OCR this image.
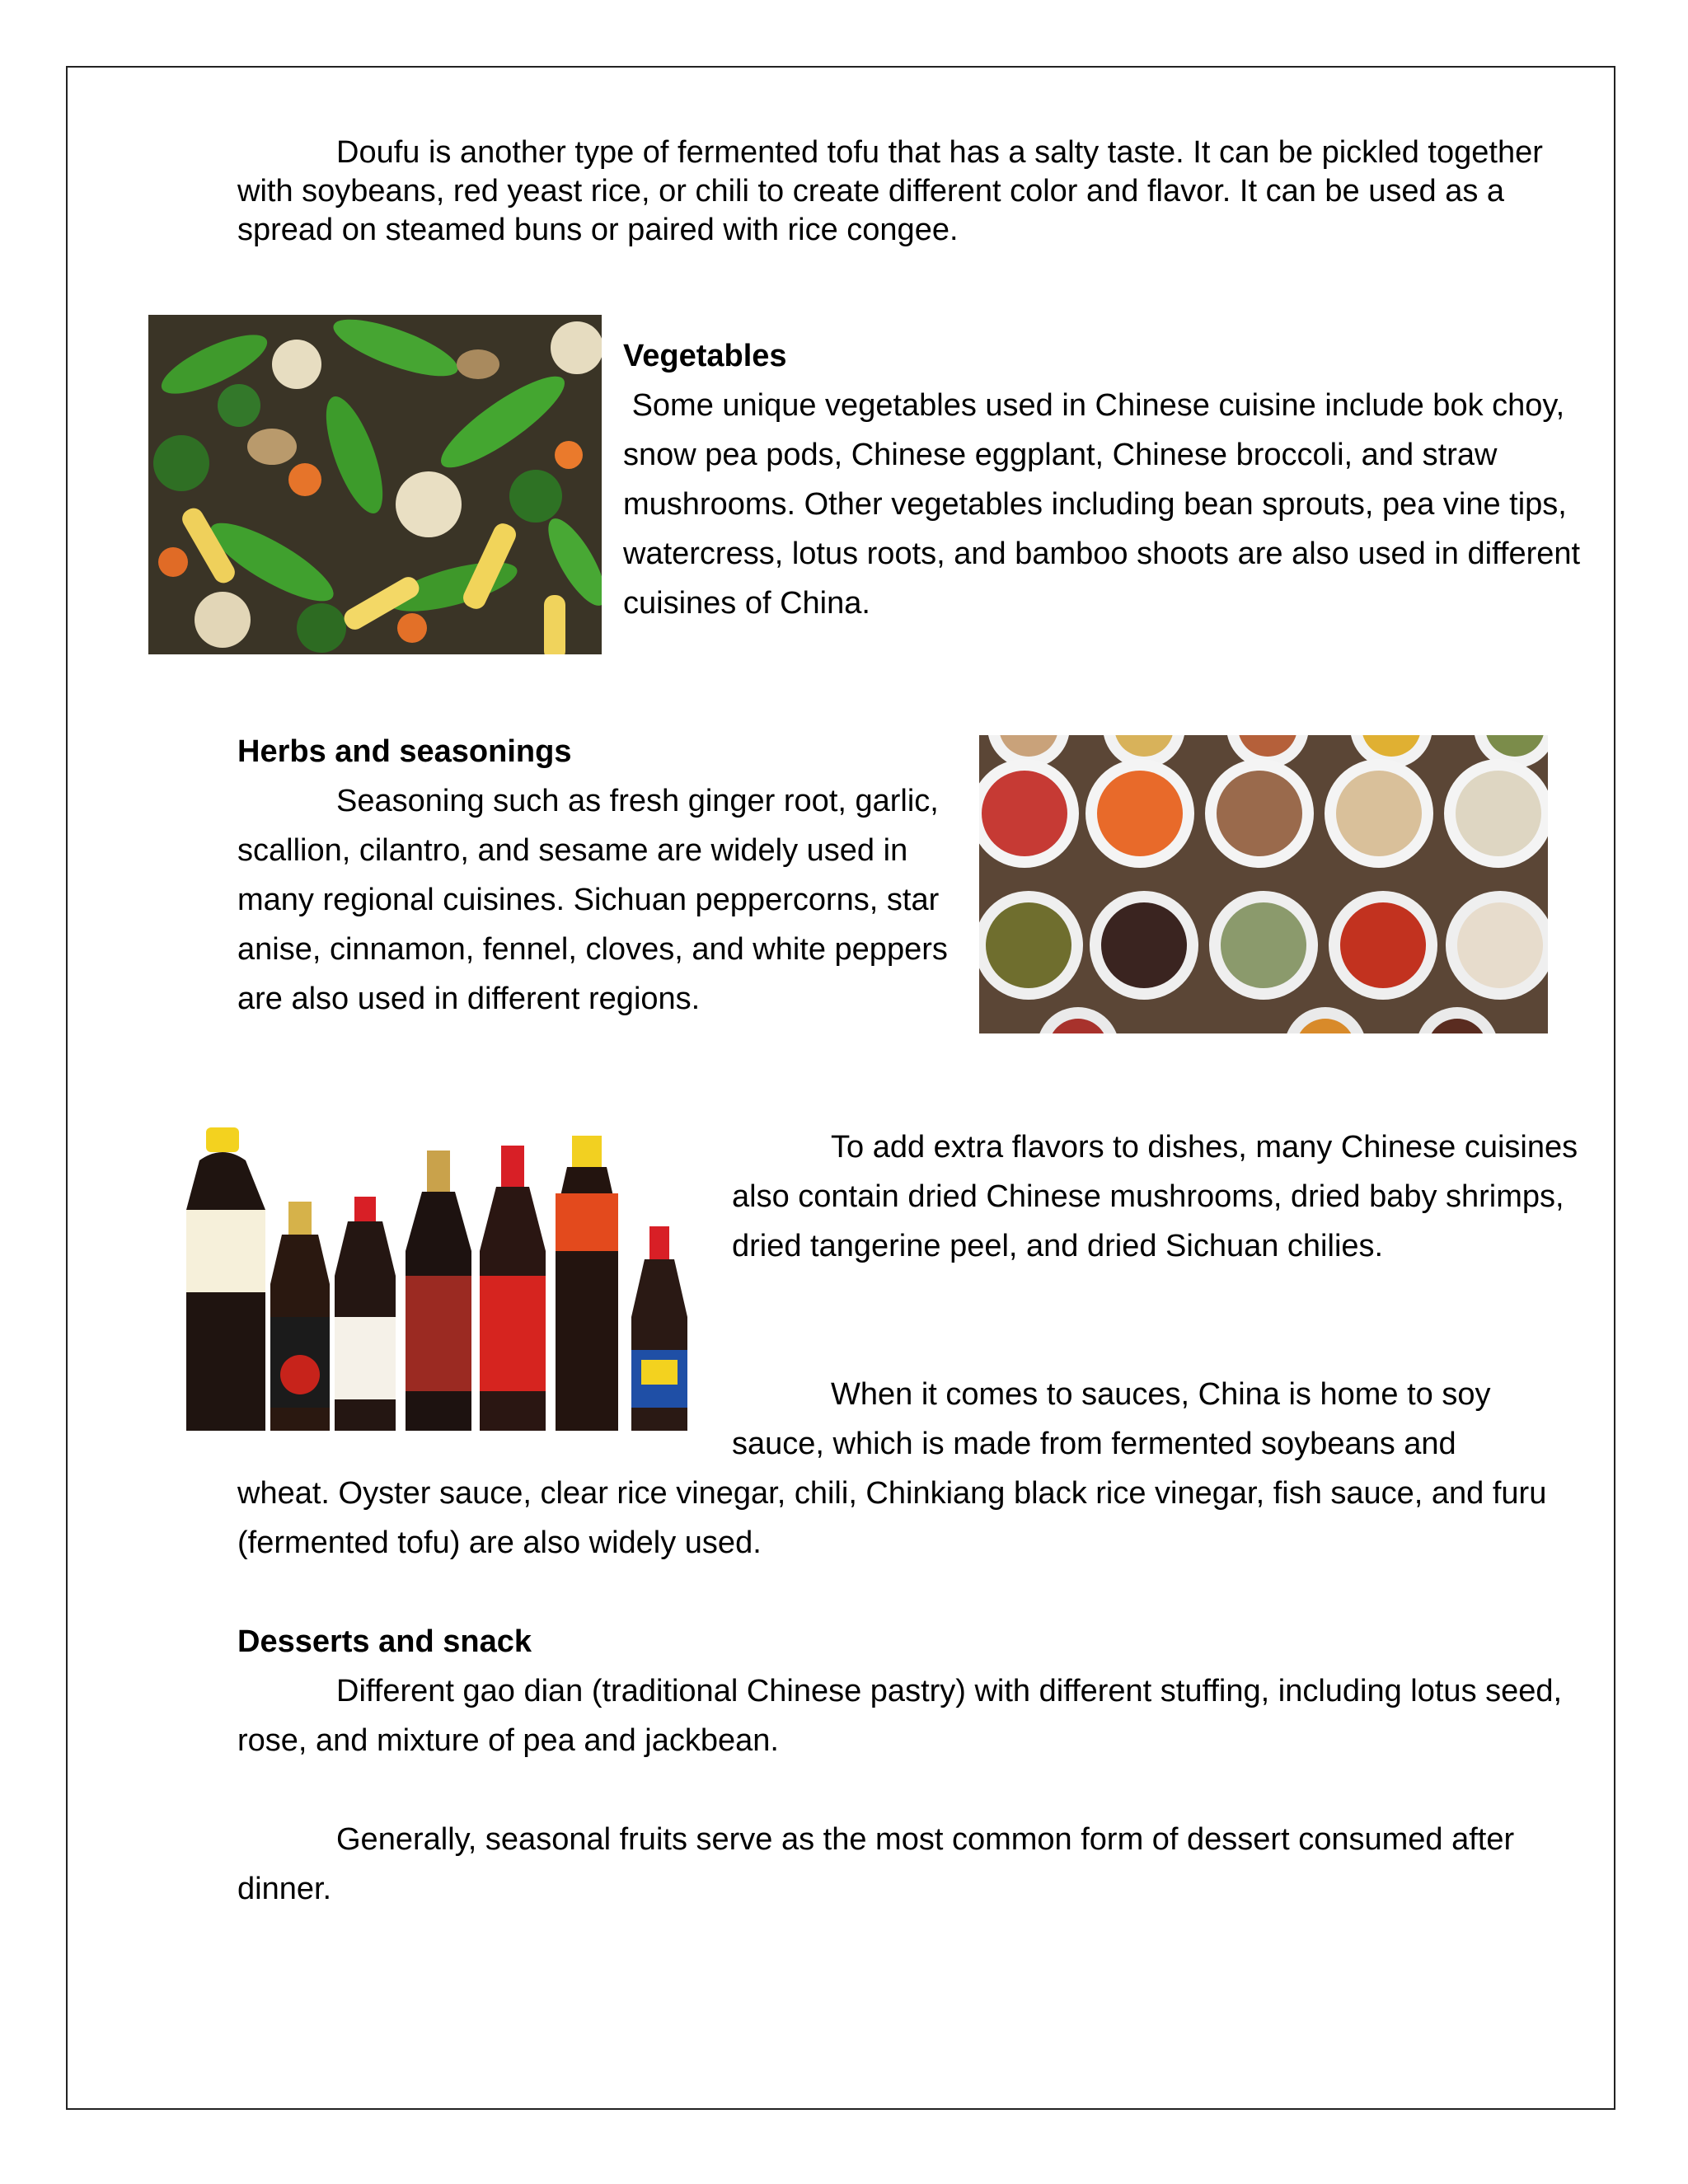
Doufu is another type of fermented tofu that has a salty taste. It can be pickled together with soybeans, red yeast rice, or chili to create different color and flavor. It can be used as a spread on steamed buns or paired with rice congee.
Vegetables
Some unique vegetables used in Chinese cuisine include bok choy, snow pea pods, Chinese eggplant, Chinese broccoli, and straw mushrooms. Other vegetables including bean sprouts, pea vine tips, watercress, lotus roots, and bamboo shoots are also used in different cuisines of China.
Herbs and seasonings
Seasoning such as fresh ginger root, garlic, scallion, cilantro, and sesame are widely used in many regional cuisines. Sichuan peppercorns, star anise, cinnamon, fennel, cloves, and white peppers are also used in different regions.
To add extra flavors to dishes, many Chinese cuisines also contain dried Chinese mushrooms, dried baby shrimps, dried tangerine peel, and dried Sichuan chilies.
When it comes to sauces, China is home to soy sauce, which is made from fermented soybeans and
wheat. Oyster sauce, clear rice vinegar, chili, Chinkiang black rice vinegar, fish sauce, and furu (fermented tofu) are also widely used.
Desserts and snack
Different gao dian (traditional Chinese pastry) with different stuffing, including lotus seed, rose, and mixture of pea and jackbean.
Generally, seasonal fruits serve as the most common form of dessert consumed after dinner.
